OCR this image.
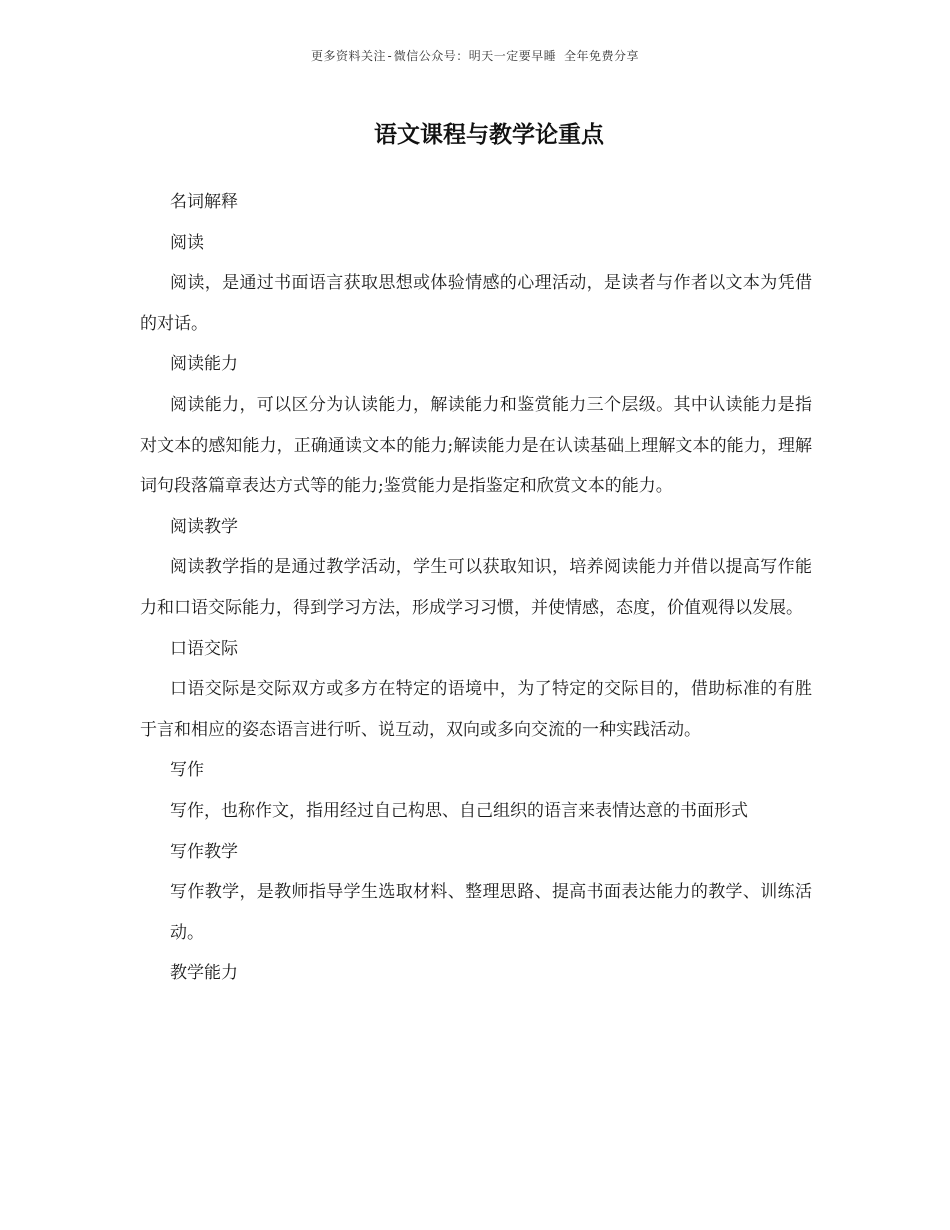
更多资料关注-微信公众号：明天一定要早睡 全年免费分享
语文课程与教学论重点

名词解释

阅读

阅读，是通过书面语言获取思想或体验情感的心理活动，是读者与作者以文本为凭借的对话。

阅读能力

阅读能力，可以区分为认读能力，解读能力和鉴赏能力三个层级。其中认读能力是指对文本的感知能力，正确通读文本的能力;解读能力是在认读基础上理解文本的能力，理解词句段落篇章表达方式等的能力;鉴赏能力是指鉴定和欣赏文本的能力。

阅读教学

阅读教学指的是通过教学活动，学生可以获取知识，培养阅读能力并借以提高写作能力和口语交际能力，得到学习方法，形成学习习惯，并使情感，态度，价值观得以发展。

口语交际

口语交际是交际双方或多方在特定的语境中，为了特定的交际目的，借助标准的有胜于言和相应的姿态语言进行听、说互动，双向或多向交流的一种实践活动。

写作

写作，也称作文，指用经过自己构思、自己组织的语言来表情达意的书面形式

写作教学

写作教学，是教师指导学生选取材料、整理思路、提高书面表达能力的教学、训练活动。

教学能力
